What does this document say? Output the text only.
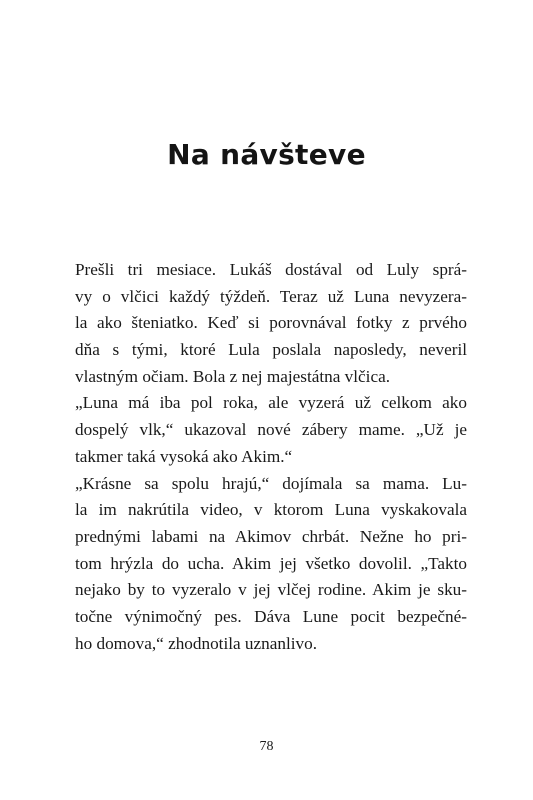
Na návšteve
Prešli tri mesiace. Lukáš dostával od Luly sprá-
vy o vlčici každý týždeň. Teraz už Luna nevyzera-
la ako šteniatko. Keď si porovnával fotky z prvého
dňa s tými, ktoré Lula poslala naposledy, neveril
vlastným očiam. Bola z nej majestátna vlčica.
„Luna má iba pol roka, ale vyzerá už celkom ako
dospelý vlk,“ ukazoval nové zábery mame. „Už je
takmer taká vysoká ako Akim.“
„Krásne sa spolu hrajú,“ dojímala sa mama. Lu-
la im nakrútila video, v ktorom Luna vyskakovala
prednými labami na Akimov chrbát. Nežne ho pri-
tom hrýzla do ucha. Akim jej všetko dovolil. „Takto
nejako by to vyzeralo v jej vlčej rodine. Akim je sku-
točne výnimočný pes. Dáva Lune pocit bezpečné-
ho domova,“ zhodnotila uznanlivo.
78
